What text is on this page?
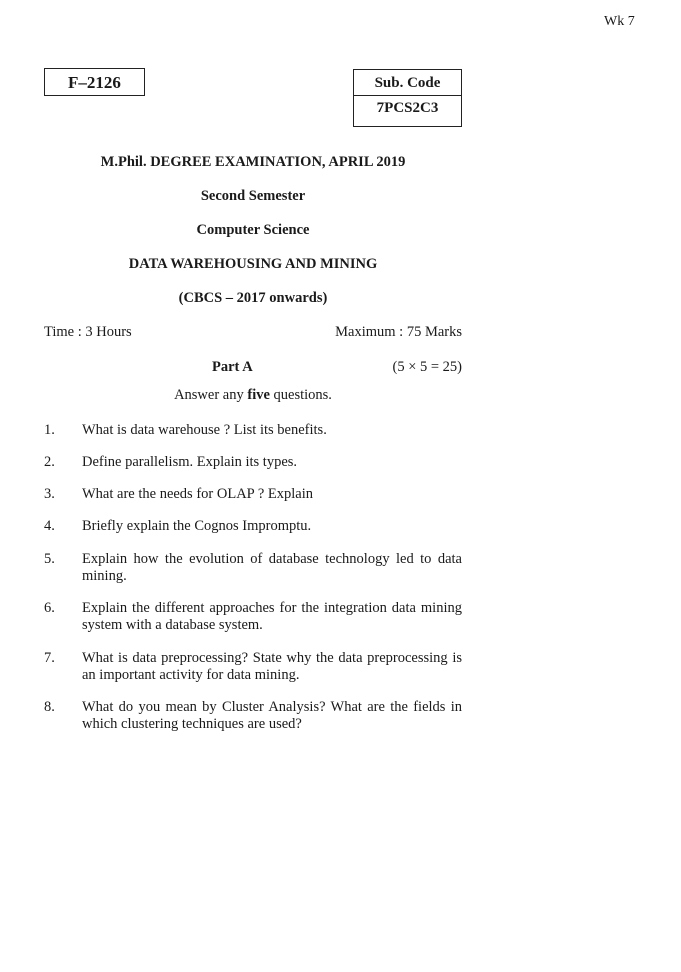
Wk 7
F–2126	Sub. Code
7PCS2C3
M.Phil. DEGREE EXAMINATION, APRIL 2019
Second Semester
Computer Science
DATA WAREHOUSING AND MINING
(CBCS – 2017 onwards)
Time : 3 Hours	Maximum : 75 Marks
Part A	(5 × 5 = 25)
Answer any five questions.
1. What is data warehouse ? List its benefits.
2. Define parallelism. Explain its types.
3. What are the needs for OLAP ? Explain
4. Briefly explain the Cognos Impromptu.
5. Explain how the evolution of database technology led to data mining.
6. Explain the different approaches for the integration data mining system with a database system.
7. What is data preprocessing? State why the data preprocessing is an important activity for data mining.
8. What do you mean by Cluster Analysis? What are the fields in which clustering techniques are used?
